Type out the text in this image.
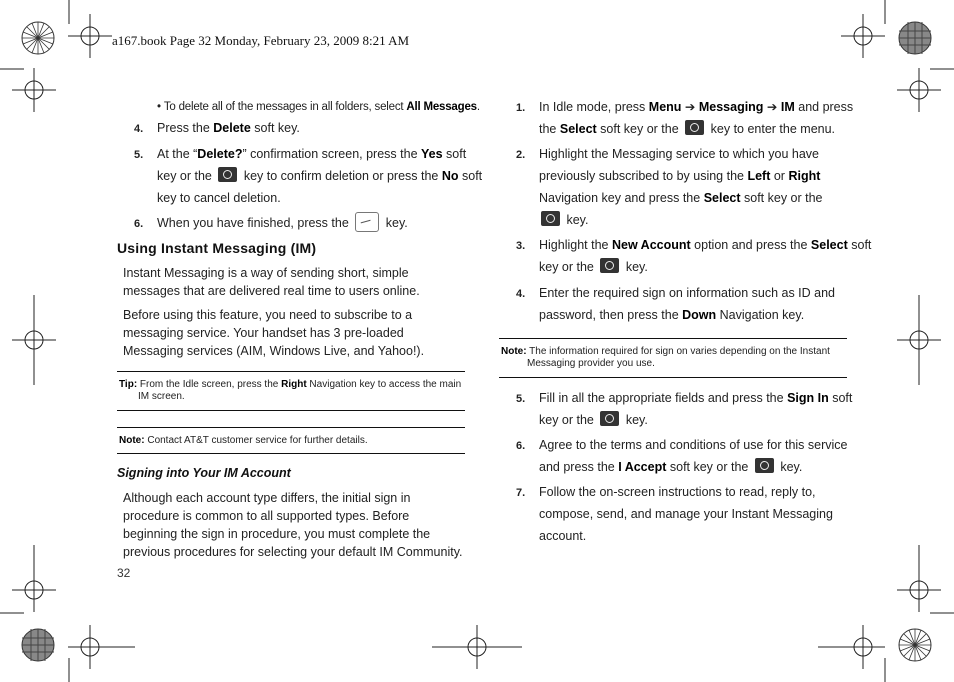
a167.book Page 32 Monday, February 23, 2009 8:21 AM
• To delete all of the messages in all folders, select All Messages.
4. Press the Delete soft key.
5. At the “Delete?” confirmation screen, press the Yes soft
key or the  key to confirm deletion or press the No soft
key to cancel deletion.
6. When you have finished, press the  key.
Using Instant Messaging (IM)
Instant Messaging is a way of sending short, simple messages that are delivered real time to users online.
Before using this feature, you need to subscribe to a messaging service. Your handset has 3 pre-loaded Messaging services (AIM, Windows Live, and Yahoo!).
Tip: From the Idle screen, press the Right Navigation key to access the main
IM screen.
Note: Contact AT&T customer service for further details.
Signing into Your IM Account
Although each account type differs, the initial sign in procedure is common to all supported types. Before beginning the sign in procedure, you must complete the previous procedures for selecting your default IM Community.
32
1. In Idle mode, press Menu ➔ Messaging ➔ IM and press
the Select soft key or the  key to enter the menu.
2. Highlight the Messaging service to which you have
previously subscribed to by using the Left or Right
Navigation key and press the Select soft key or the
key.
3. Highlight the New Account option and press the Select soft
key or the  key.
4. Enter the required sign on information such as ID and
password, then press the Down Navigation key.
Note: The information required for sign on varies depending on the Instant
Messaging provider you use.
5. Fill in all the appropriate fields and press the Sign In soft
key or the  key.
6. Agree to the terms and conditions of use for this service
and press the I Accept soft key or the  key.
7. Follow the on-screen instructions to read, reply to,
compose, send, and manage your Instant Messaging
account.
